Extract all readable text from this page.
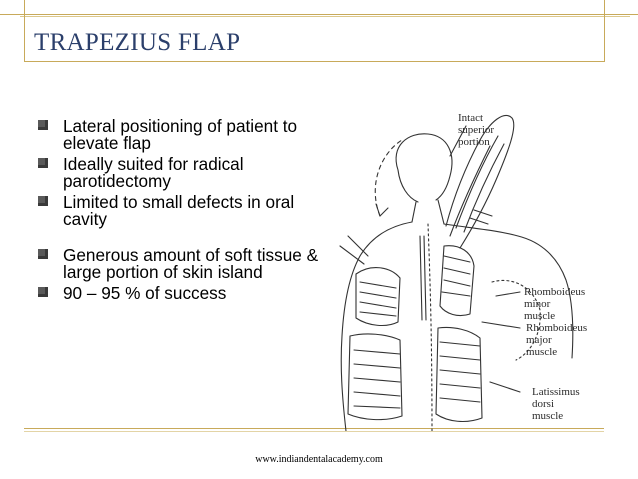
TRAPEZIUS FLAP
Lateral positioning of patient to elevate flap
Ideally suited for radical parotidectomy
Limited to small defects in oral cavity
Generous amount of soft tissue & large portion of skin island
90 – 95 % of success
Intact
superior
portion
Rhomboideus
minor
muscle
Rhomboideus
major
muscle
Latissimus
dorsi
muscle
www.indiandentalacademy.com
